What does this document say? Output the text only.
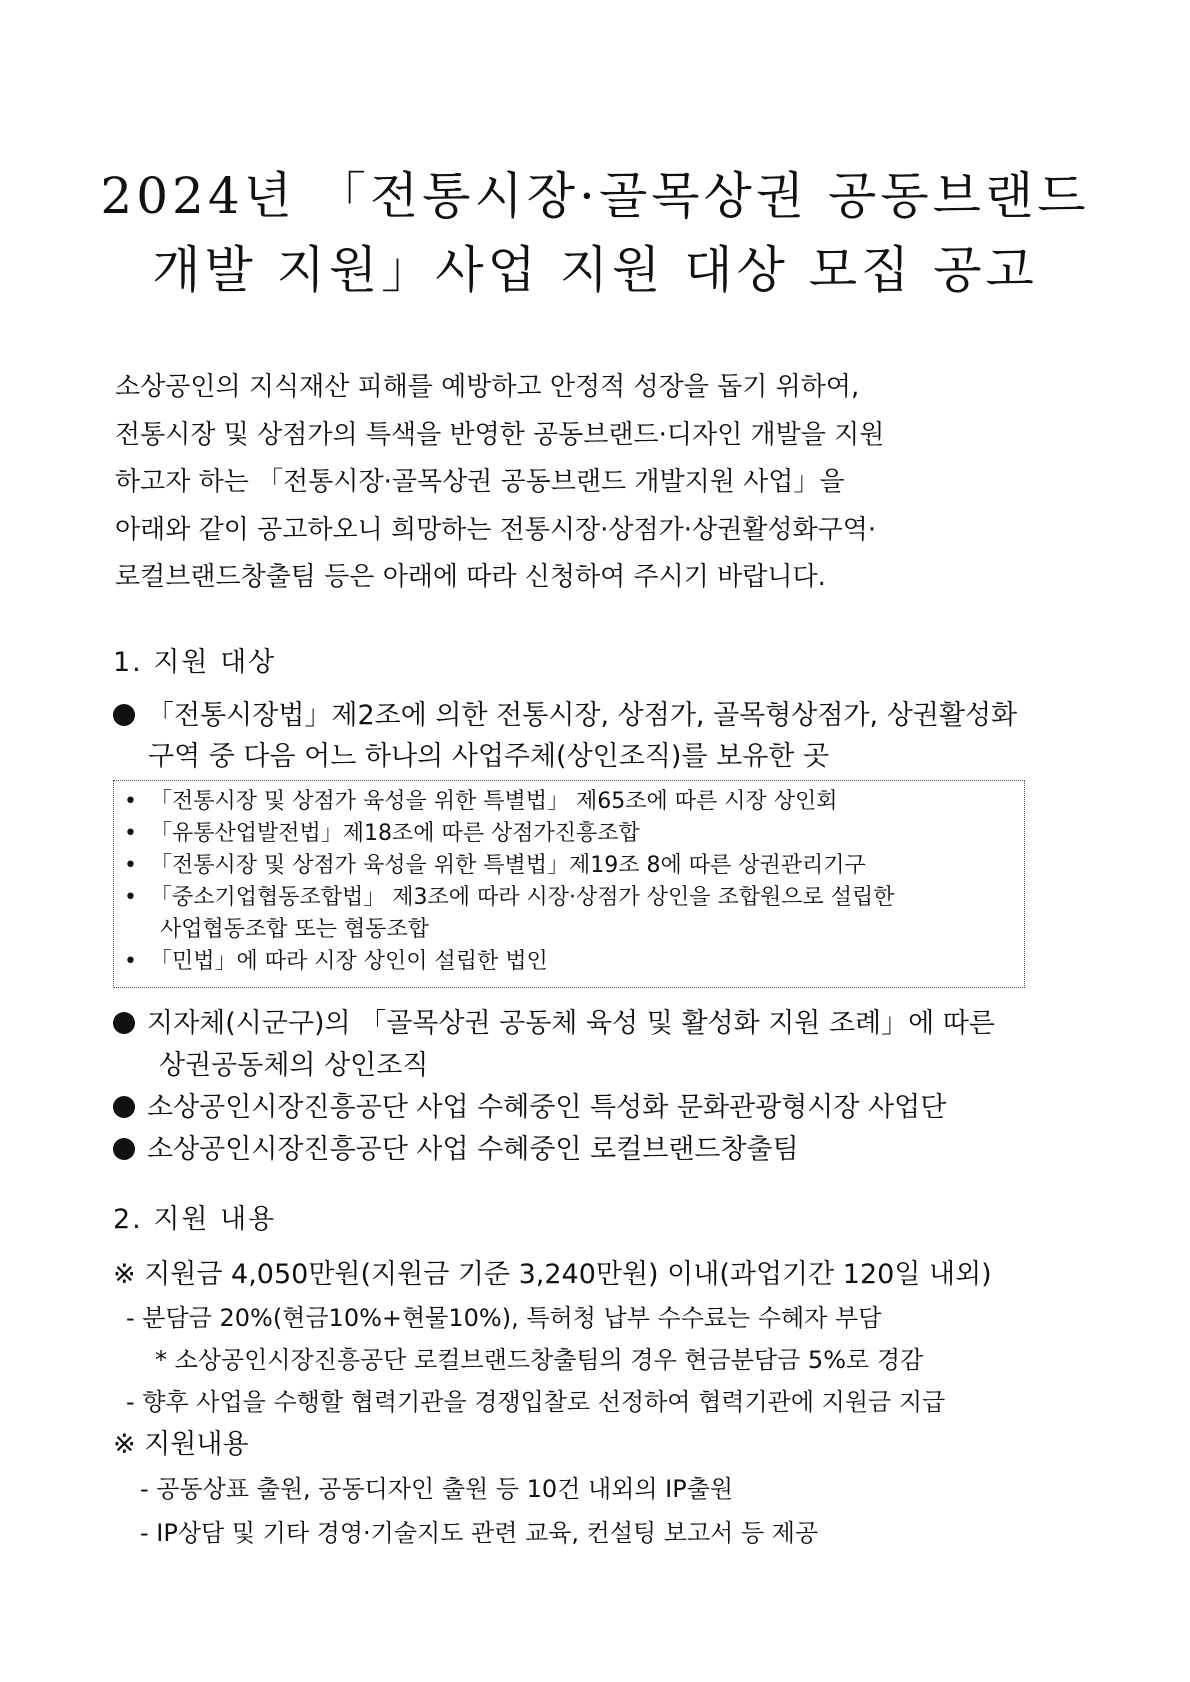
2024년 「전통시장·골목상권 공동브랜드
개발 지원」사업 지원 대상 모집 공고
소상공인의 지식재산 피해를 예방하고 안정적 성장을 돕기 위하여,
전통시장 및 상점가의 특색을 반영한 공동브랜드·디자인 개발을 지원
하고자 하는 「전통시장·골목상권 공동브랜드 개발지원 사업」을
아래와 같이 공고하오니 희망하는 전통시장·상점가·상권활성화구역·
로컬브랜드창출팀 등은 아래에 따라 신청하여 주시기 바랍니다.
1. 지원 대상
「전통시장법」제2조에 의한 전통시장, 상점가, 골목형상점가, 상권활성화
구역 중 다음 어느 하나의 사업주체(상인조직)를 보유한 곳
• 「전통시장 및 상점가 육성을 위한 특별법」 제65조에 따른 시장 상인회
• 「유통산업발전법」제18조에 따른 상점가진흥조합
• 「전통시장 및 상점가 육성을 위한 특별법」제19조 8에 따른 상권관리기구
• 「중소기업협동조합법」 제3조에 따라 시장·상점가 상인을 조합원으로 설립한
사업협동조합 또는 협동조합
• 「민법」에 따라 시장 상인이 설립한 법인
지자체(시군구)의 「골목상권 공동체 육성 및 활성화 지원 조례」에 따른
상권공동체의 상인조직
소상공인시장진흥공단 사업 수혜중인 특성화 문화관광형시장 사업단
소상공인시장진흥공단 사업 수혜중인 로컬브랜드창출팀
2. 지원 내용
※ 지원금 4,050만원(지원금 기준 3,240만원) 이내(과업기간 120일 내외)
- 분담금 20%(현금10%+현물10%), 특허청 납부 수수료는 수혜자 부담
* 소상공인시장진흥공단 로컬브랜드창출팀의 경우 현금분담금 5%로 경감
- 향후 사업을 수행할 협력기관을 경쟁입찰로 선정하여 협력기관에 지원금 지급
※ 지원내용
- 공동상표 출원, 공동디자인 출원 등 10건 내외의 IP출원
- IP상담 및 기타 경영·기술지도 관련 교육, 컨설팅 보고서 등 제공
